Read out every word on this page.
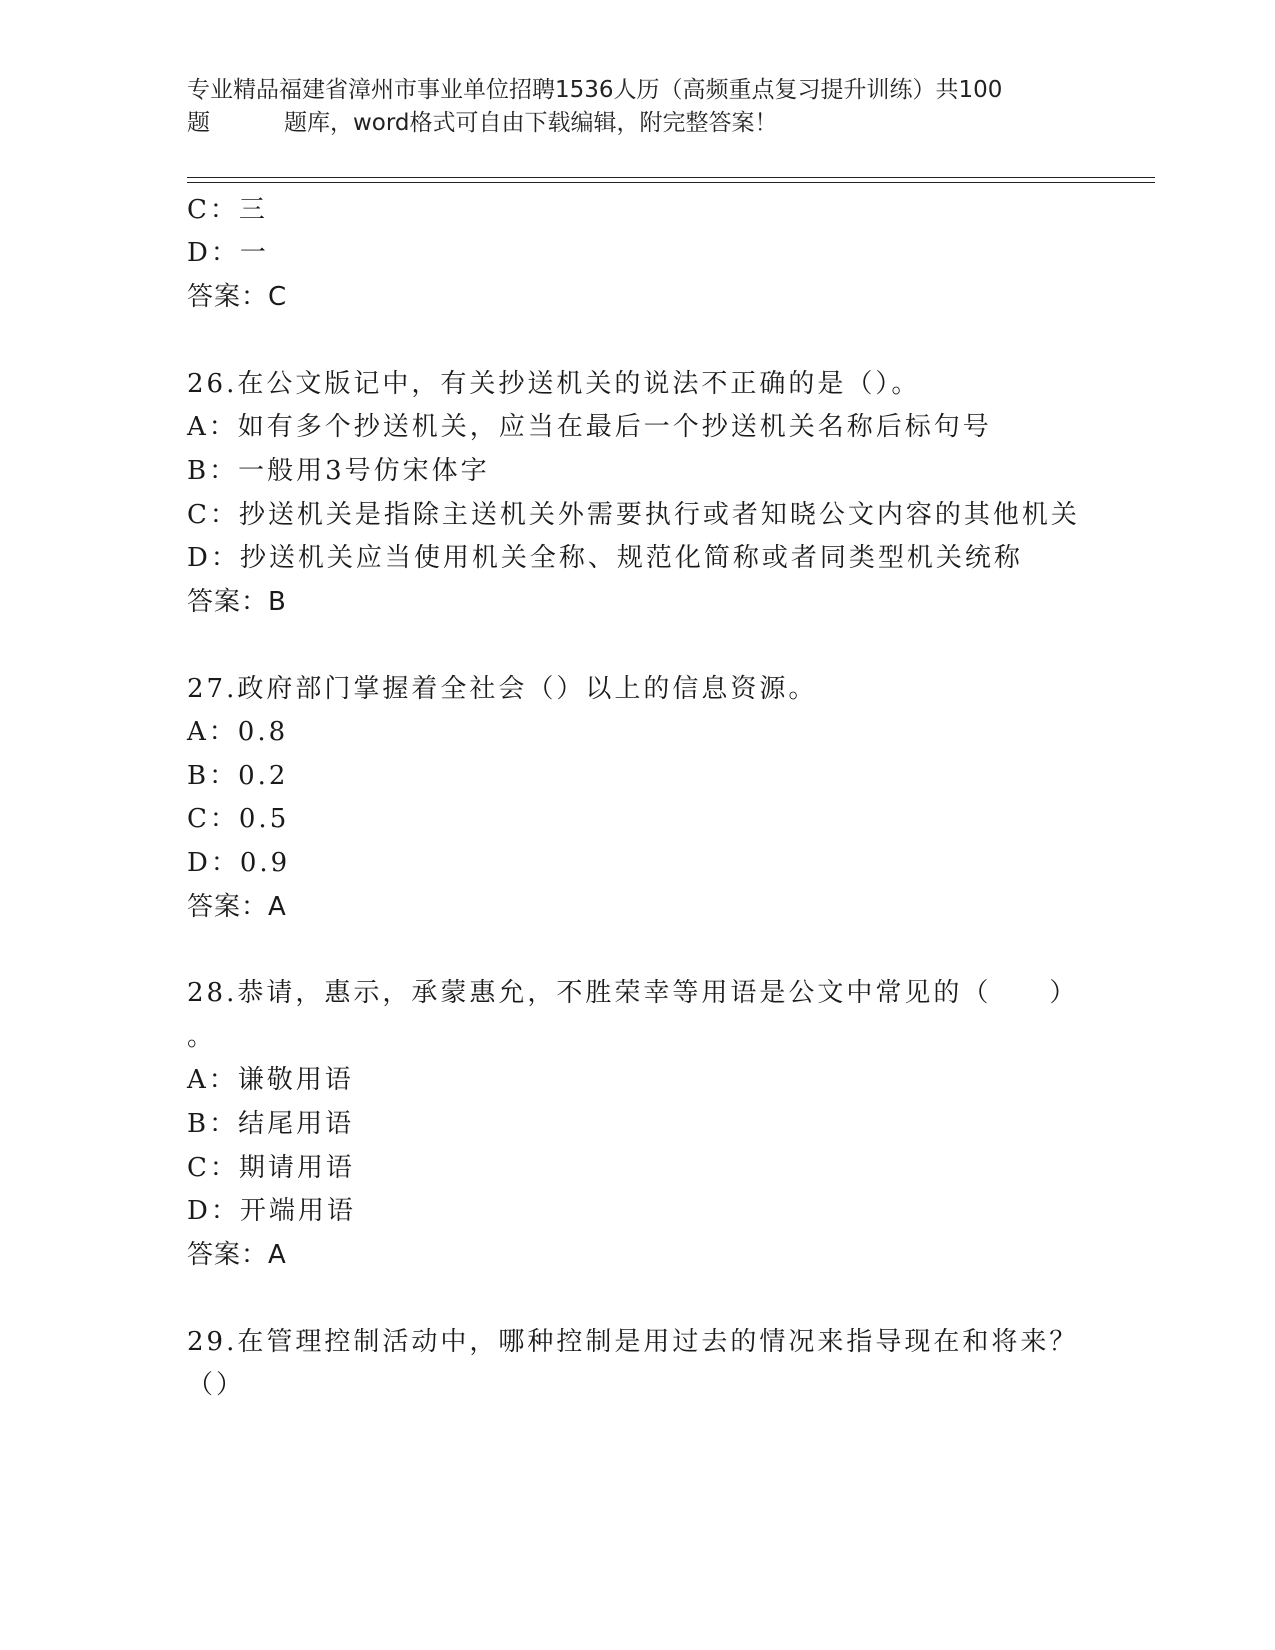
专业精品福建省漳州市事业单位招聘1536人历（高频重点复习提升训练）共100
题	题库，word格式可自由下载编辑，附完整答案！
C：三
D：一
答案：C
26.在公文版记中，有关抄送机关的说法不正确的是（）。
A：如有多个抄送机关，应当在最后一个抄送机关名称后标句号
B：一般用3号仿宋体字
C：抄送机关是指除主送机关外需要执行或者知晓公文内容的其他机关
D：抄送机关应当使用机关全称、规范化简称或者同类型机关统称
答案：B
27.政府部门掌握着全社会（）以上的信息资源。
A：0.8
B：0.2
C：0.5
D：0.9
答案：A
28.恭请，惠示，承蒙惠允，不胜荣幸等用语是公文中常见的（　　）
。
A：谦敬用语
B：结尾用语
C：期请用语
D：开端用语
答案：A
29.在管理控制活动中，哪种控制是用过去的情况来指导现在和将来？
（）
